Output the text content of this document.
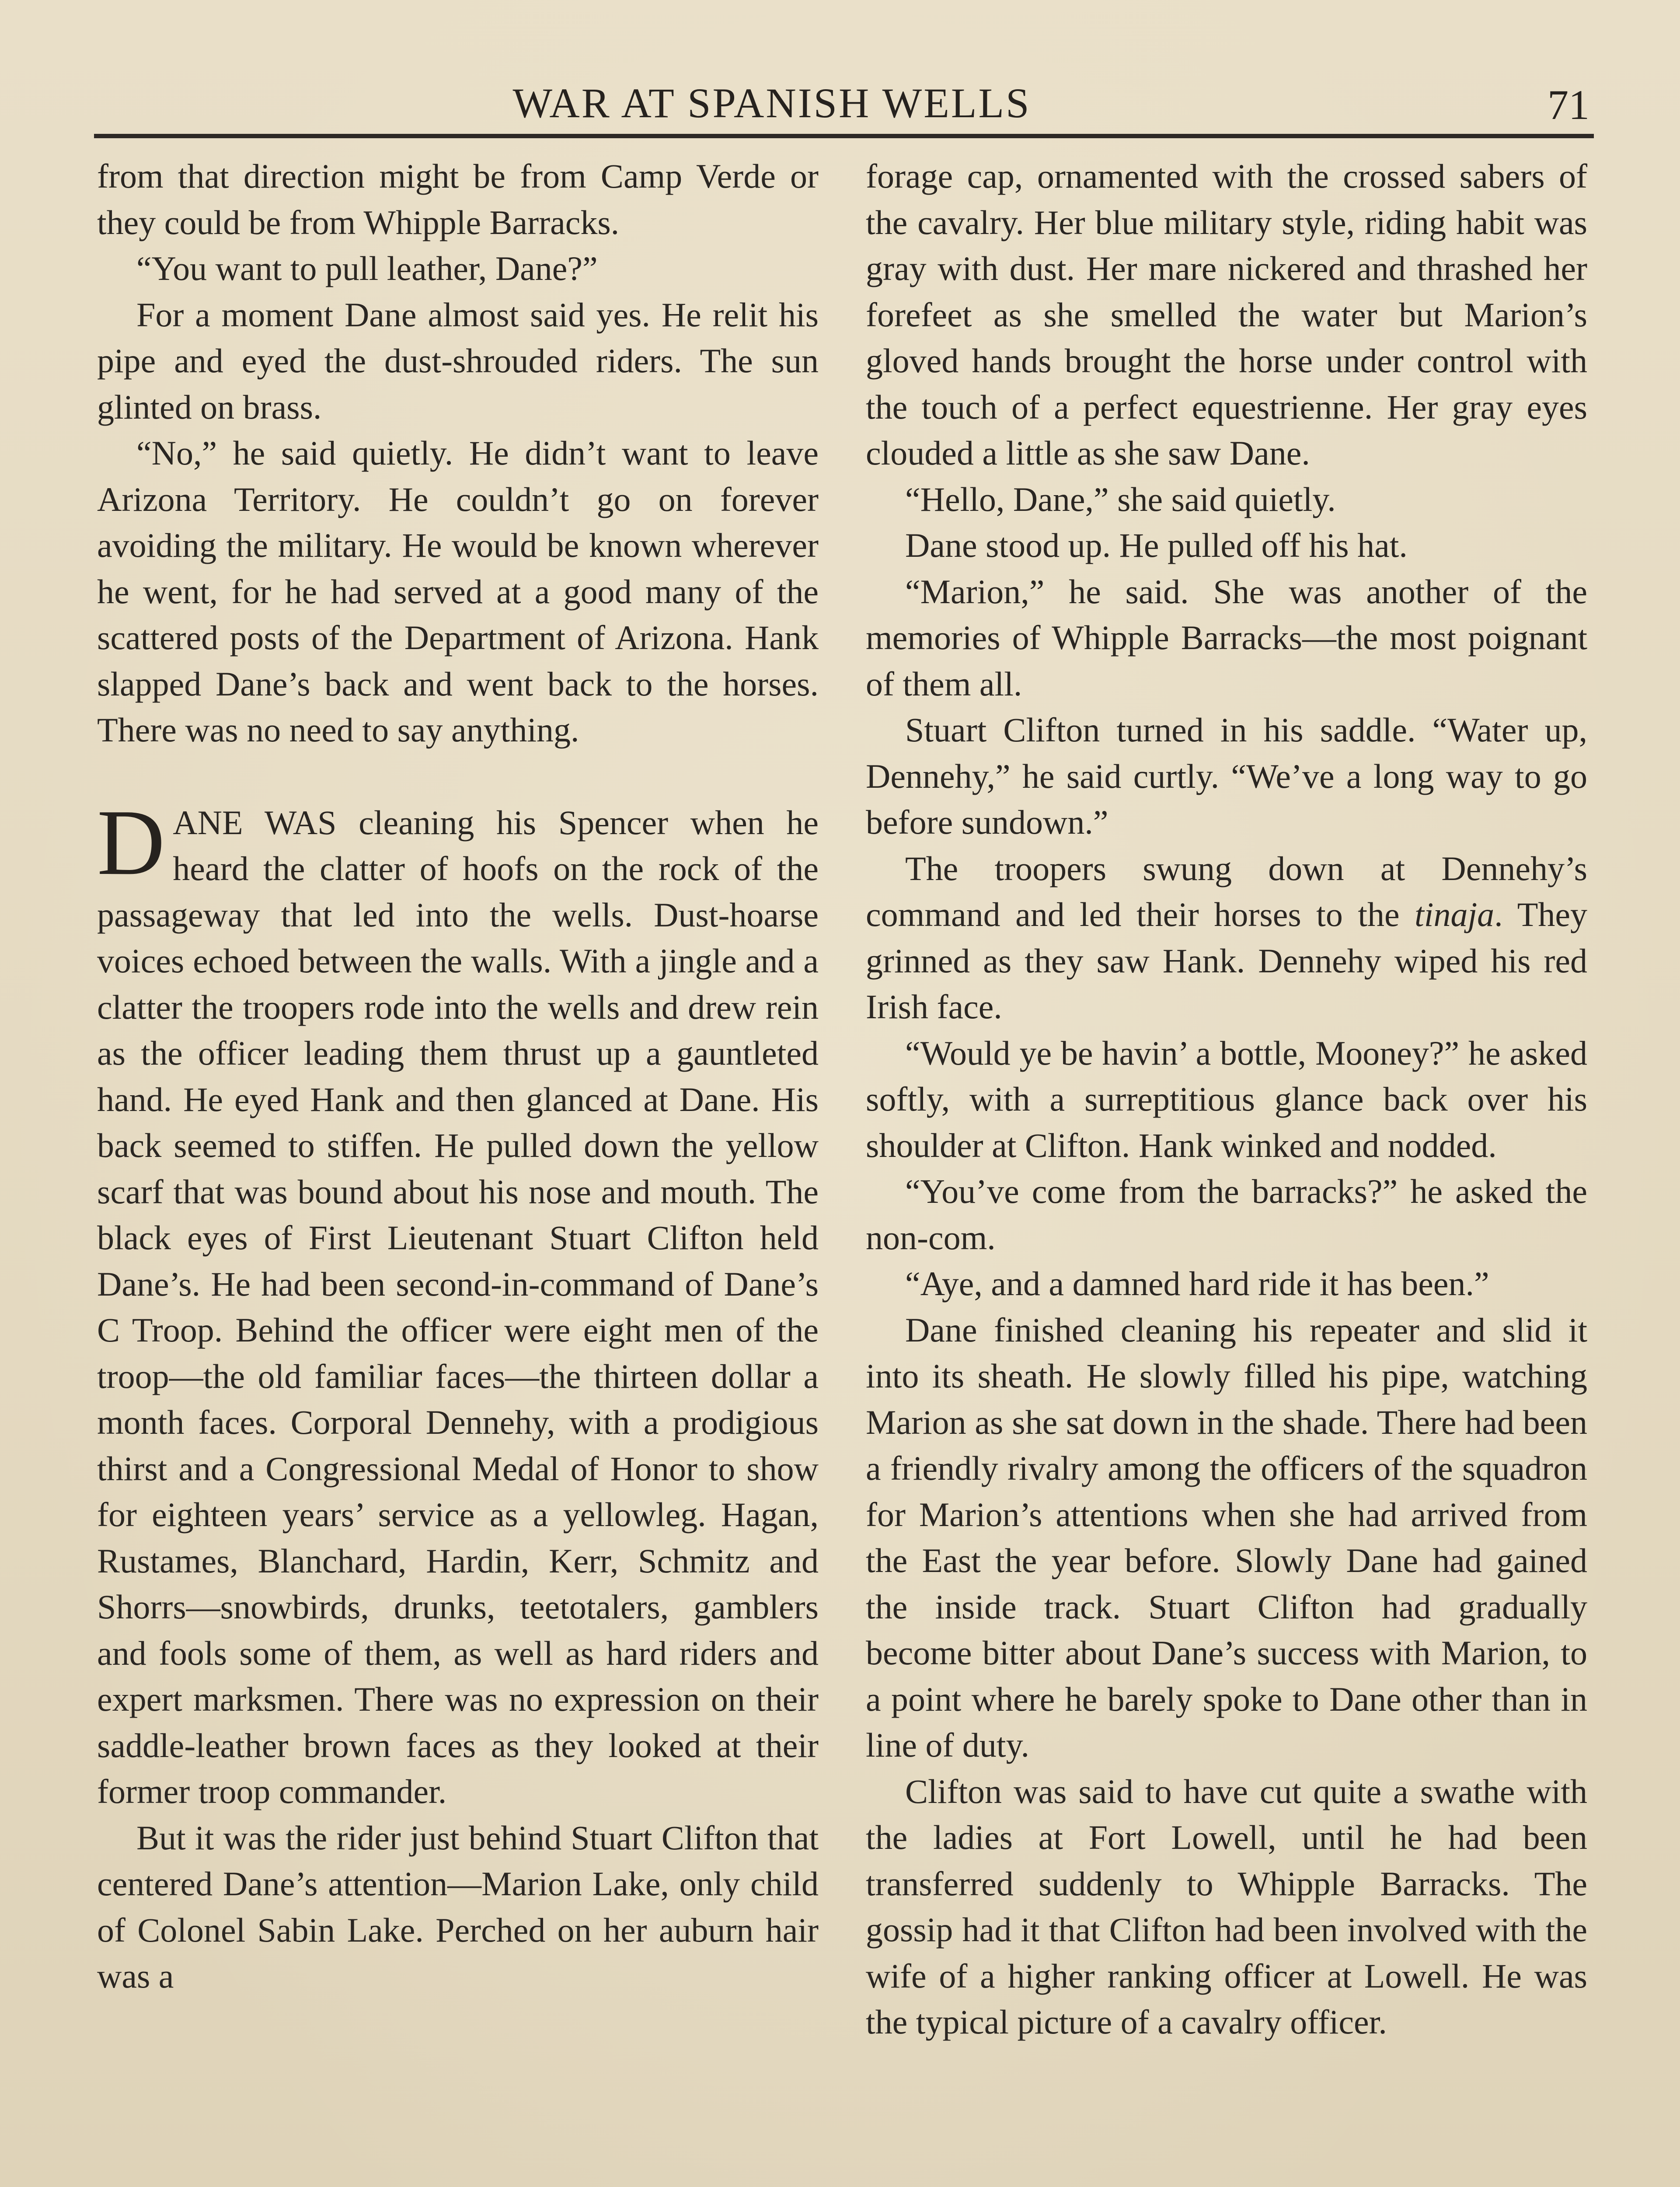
WAR AT SPANISH WELLS	71

from that direction might be from Camp Verde or they could be from Whipple Barracks.

“You want to pull leather, Dane?”

For a moment Dane almost said yes. He relit his pipe and eyed the dust-shrouded riders. The sun glinted on brass.

“No,” he said quietly. He didn’t want to leave Arizona Territory. He couldn’t go on forever avoiding the military. He would be known wherever he went, for he had served at a good many of the scattered posts of the Department of Arizona. Hank slapped Dane’s back and went back to the horses. There was no need to say anything.

DANE WAS cleaning his Spencer when he heard the clatter of hoofs on the rock of the passageway that led into the wells. Dust-hoarse voices echoed between the walls. With a jingle and a clatter the troopers rode into the wells and drew rein as the officer leading them thrust up a gauntleted hand. He eyed Hank and then glanced at Dane. His back seemed to stiffen. He pulled down the yellow scarf that was bound about his nose and mouth. The black eyes of First Lieutenant Stuart Clifton held Dane’s. He had been second-in-command of Dane’s C Troop. Behind the officer were eight men of the troop—the old familiar faces—the thirteen dollar a month faces. Corporal Dennehy, with a prodigious thirst and a Congressional Medal of Honor to show for eighteen years’ service as a yellowleg. Hagan, Rustames, Blanchard, Hardin, Kerr, Schmitz and Shorrs—snowbirds, drunks, teetotalers, gamblers and fools some of them, as well as hard riders and expert marksmen. There was no expression on their saddle-leather brown faces as they looked at their former troop commander.

But it was the rider just behind Stuart Clifton that centered Dane’s attention—Marion Lake, only child of Colonel Sabin Lake. Perched on her auburn hair was a

forage cap, ornamented with the crossed sabers of the cavalry. Her blue military style, riding habit was gray with dust. Her mare nickered and thrashed her forefeet as she smelled the water but Marion’s gloved hands brought the horse under control with the touch of a perfect equestrienne. Her gray eyes clouded a little as she saw Dane.

“Hello, Dane,” she said quietly.

Dane stood up. He pulled off his hat.

“Marion,” he said. She was another of the memories of Whipple Barracks—the most poignant of them all.

Stuart Clifton turned in his saddle. “Water up, Dennehy,” he said curtly. “We’ve a long way to go before sundown.”

The troopers swung down at Dennehy’s command and led their horses to the tinaja. They grinned as they saw Hank. Dennehy wiped his red Irish face.

“Would ye be havin’ a bottle, Mooney?” he asked softly, with a surreptitious glance back over his shoulder at Clifton. Hank winked and nodded.

“You’ve come from the barracks?” he asked the non-com.

“Aye, and a damned hard ride it has been.”

Dane finished cleaning his repeater and slid it into its sheath. He slowly filled his pipe, watching Marion as she sat down in the shade. There had been a friendly rivalry among the officers of the squadron for Marion’s attentions when she had arrived from the East the year before. Slowly Dane had gained the inside track. Stuart Clifton had gradually become bitter about Dane’s success with Marion, to a point where he barely spoke to Dane other than in line of duty.

Clifton was said to have cut quite a swathe with the ladies at Fort Lowell, until he had been transferred suddenly to Whipple Barracks. The gossip had it that Clifton had been involved with the wife of a higher ranking officer at Lowell. He was the typical picture of a cavalry officer.
